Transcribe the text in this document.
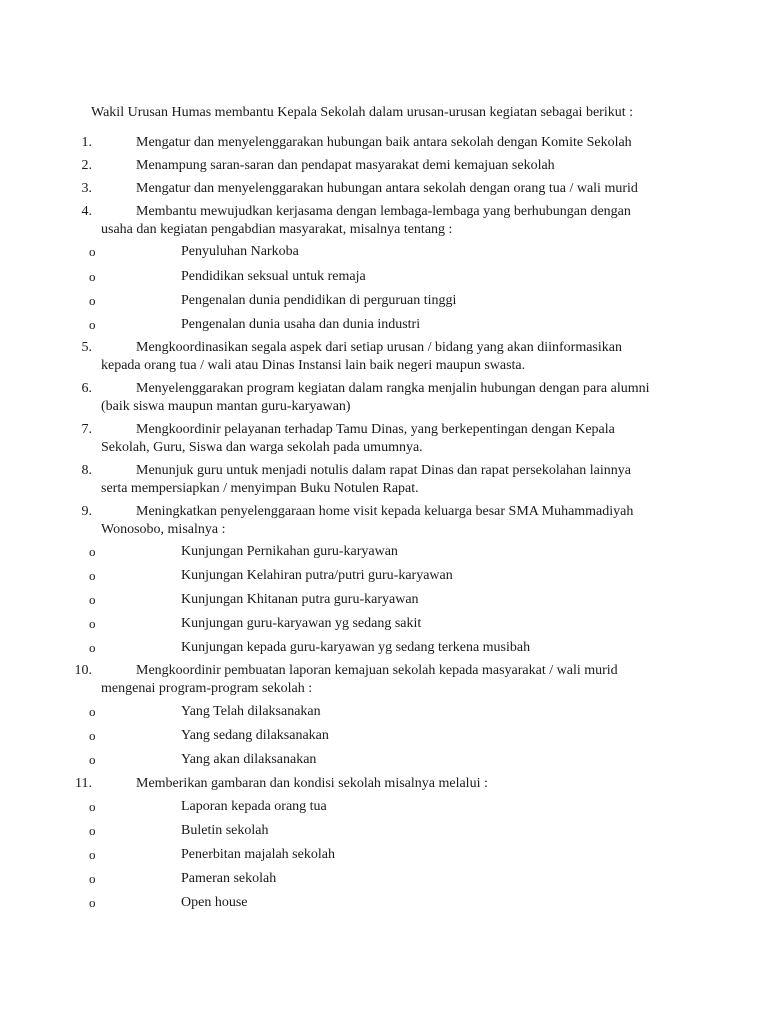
Wakil Urusan Humas membantu Kepala Sekolah dalam urusan-urusan kegiatan sebagai berikut :
1.	Mengatur dan menyelenggarakan hubungan baik antara sekolah dengan Komite Sekolah
2.	Menampung saran-saran dan pendapat masyarakat demi kemajuan sekolah
3.	Mengatur dan menyelenggarakan hubungan antara sekolah dengan orang tua / wali murid
4.	Membantu mewujudkan kerjasama dengan lembaga-lembaga yang berhubungan dengan
usaha dan kegiatan pengabdian masyarakat, misalnya tentang :
o	Penyuluhan Narkoba
o	Pendidikan seksual untuk remaja
o	Pengenalan dunia pendidikan di perguruan tinggi
o	Pengenalan dunia usaha dan dunia industri
5.	Mengkoordinasikan segala aspek dari setiap urusan / bidang yang akan diinformasikan
kepada orang tua / wali atau Dinas Instansi lain baik negeri maupun swasta.
6.	Menyelenggarakan program kegiatan dalam rangka menjalin hubungan dengan para alumni
(baik siswa maupun mantan guru-karyawan)
7.	Mengkoordinir pelayanan terhadap Tamu Dinas, yang berkepentingan dengan Kepala
Sekolah, Guru, Siswa dan warga sekolah pada umumnya.
8.	Menunjuk guru untuk menjadi notulis dalam rapat Dinas dan rapat persekolahan lainnya
serta mempersiapkan / menyimpan Buku Notulen Rapat.
9.	Meningkatkan penyelenggaraan home visit kepada keluarga besar SMA Muhammadiyah
Wonosobo, misalnya :
o	Kunjungan Pernikahan guru-karyawan
o	Kunjungan Kelahiran putra/putri guru-karyawan
o	Kunjungan Khitanan putra guru-karyawan
o	Kunjungan guru-karyawan yg sedang sakit
o	Kunjungan kepada guru-karyawan yg sedang terkena musibah
10.	Mengkoordinir pembuatan laporan kemajuan sekolah kepada masyarakat / wali murid
mengenai program-program sekolah :
o	Yang Telah dilaksanakan
o	Yang sedang dilaksanakan
o	Yang akan dilaksanakan
11.	Memberikan gambaran dan kondisi sekolah misalnya melalui :
o	Laporan kepada orang tua
o	Buletin sekolah
o	Penerbitan majalah sekolah
o	Pameran sekolah
o	Open house
